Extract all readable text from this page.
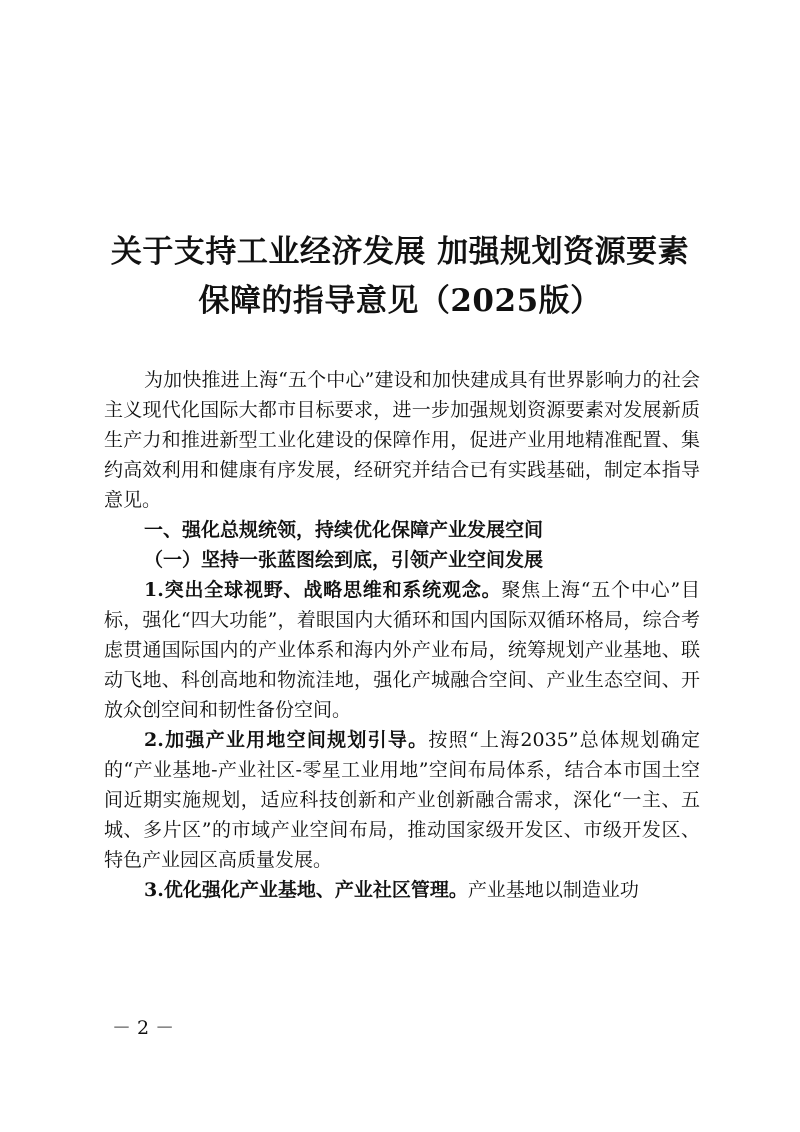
关于支持工业经济发展 加强规划资源要素
保障的指导意见（2025版）

为加快推进上海“五个中心”建设和加快建成具有世界影响力的社会主义现代化国际大都市目标要求，进一步加强规划资源要素对发展新质生产力和推进新型工业化建设的保障作用，促进产业用地精准配置、集约高效利用和健康有序发展，经研究并结合已有实践基础，制定本指导意见。

一、强化总规统领，持续优化保障产业发展空间

（一）坚持一张蓝图绘到底，引领产业空间发展

1.突出全球视野、战略思维和系统观念。聚焦上海“五个中心”目标，强化“四大功能”，着眼国内大循环和国内国际双循环格局，综合考虑贯通国际国内的产业体系和海内外产业布局，统筹规划产业基地、联动飞地、科创高地和物流洼地，强化产城融合空间、产业生态空间、开放众创空间和韧性备份空间。

2.加强产业用地空间规划引导。按照“上海2035”总体规划确定的“产业基地-产业社区-零星工业用地”空间布局体系，结合本市国土空间近期实施规划，适应科技创新和产业创新融合需求，深化“一主、五城、多片区”的市域产业空间布局，推动国家级开发区、市级开发区、特色产业园区高质量发展。

3.优化强化产业基地、产业社区管理。产业基地以制造业功

－ 2 －
